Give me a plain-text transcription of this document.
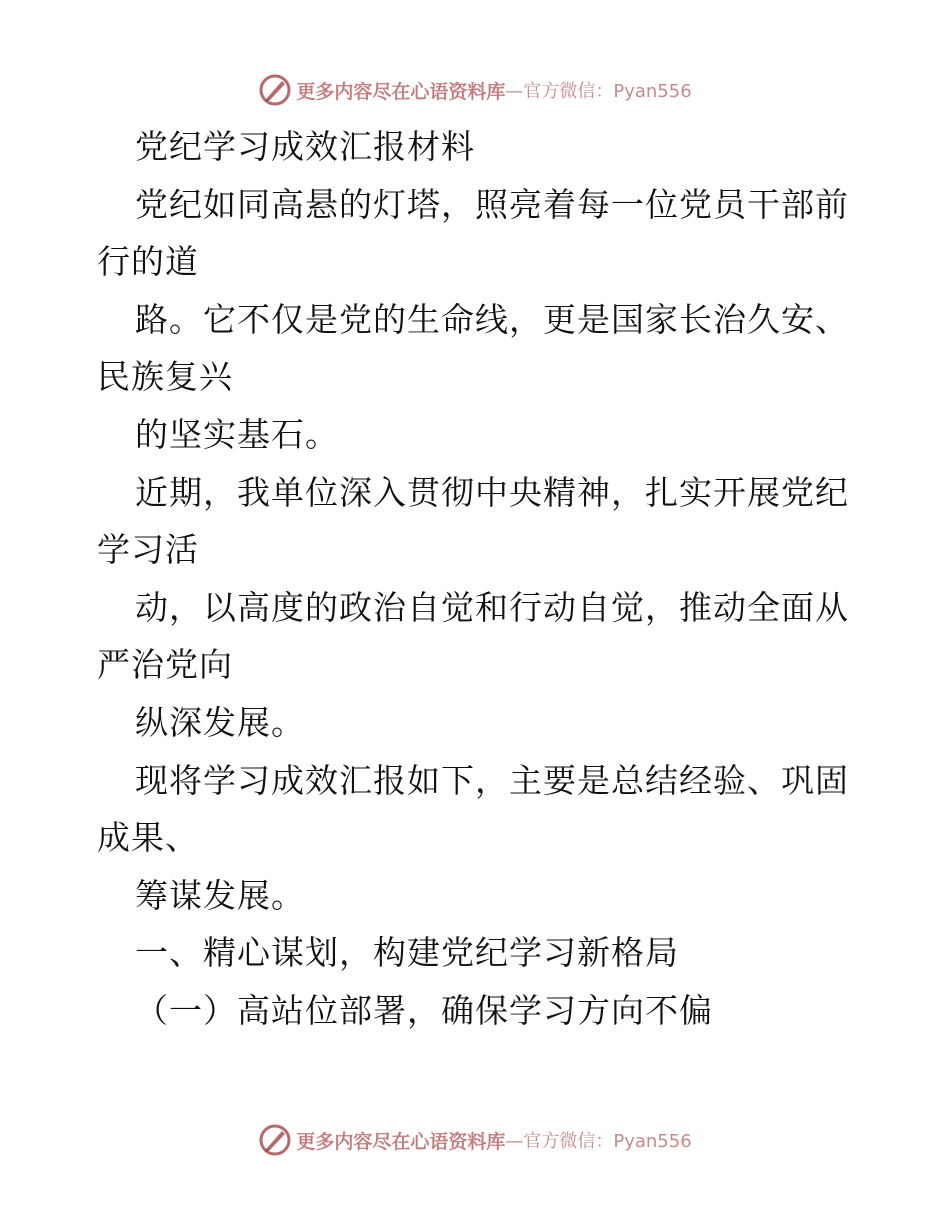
更多内容尽在心语资料库 —官方微信：Pyan556
党纪学习成效汇报材料
党纪如同高悬的灯塔，照亮着每一位党员干部前
行的道
路。它不仅是党的生命线，更是国家长治久安、
民族复兴
的坚实基石。
近期，我单位深入贯彻中央精神，扎实开展党纪
学习活
动，以高度的政治自觉和行动自觉，推动全面从
严治党向
纵深发展。
现将学习成效汇报如下，主要是总结经验、巩固
成果、
筹谋发展。
一、精心谋划，构建党纪学习新格局
（一）高站位部署，确保学习方向不偏
更多内容尽在心语资料库 —官方微信：Pyan556
